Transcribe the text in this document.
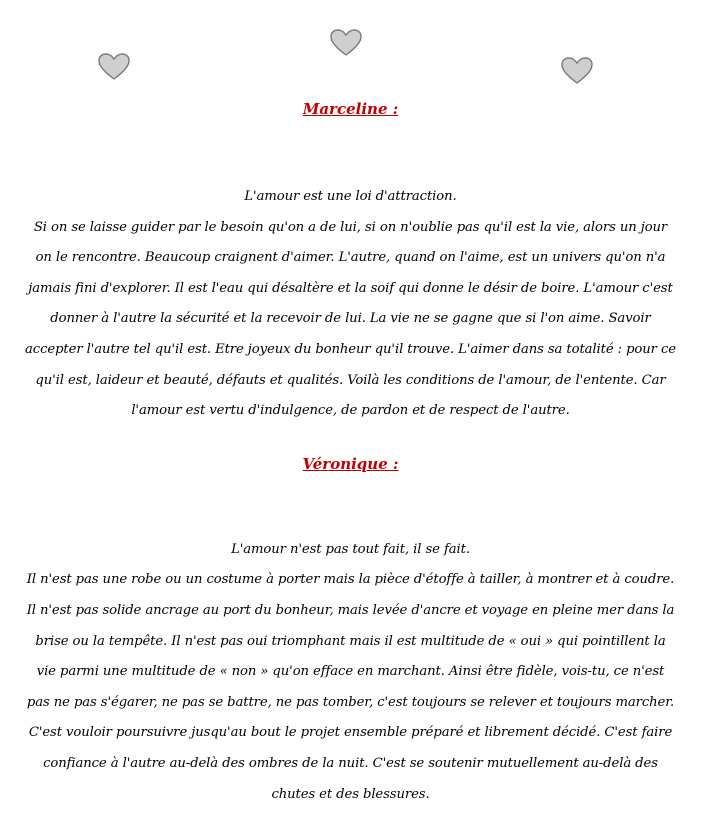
Marceline :

L'amour est une loi d'attraction.
Si on se laisse guider par le besoin qu'on a de lui, si on n'oublie pas qu'il est la vie, alors un jour on le rencontre. Beaucoup craignent d'aimer. L'autre, quand on l'aime, est un univers qu'on n'a jamais fini d'explorer. Il est l'eau qui désaltère et la soif qui donne le désir de boire. L'amour c'est donner à l'autre la sécurité et la recevoir de lui. La vie ne se gagne que si l'on aime. Savoir accepter l'autre tel qu'il est. Etre joyeux du bonheur qu'il trouve. L'aimer dans sa totalité : pour ce qu'il est, laideur et beauté, défauts et qualités. Voilà les conditions de l'amour, de l'entente. Car l'amour est vertu d'indulgence, de pardon et de respect de l'autre.

Véronique :

L'amour n'est pas tout fait, il se fait.
Il n'est pas une robe ou un costume à porter mais la pièce d'étoffe à tailler, à montrer et à coudre. Il n'est pas solide ancrage au port du bonheur, mais levée d'ancre et voyage en pleine mer dans la brise ou la tempête. Il n'est pas oui triomphant mais il est multitude de « oui » qui pointillent la vie parmi une multitude de « non » qu'on efface en marchant. Ainsi être fidèle, vois-tu, ce n'est pas ne pas s'égarer, ne pas se battre, ne pas tomber, c'est toujours se relever et toujours marcher. C'est vouloir poursuivre jusqu'au bout le projet ensemble préparé et librement décidé. C'est faire confiance à l'autre au-delà des ombres de la nuit. C'est se soutenir mutuellement au-delà des chutes et des blessures.
